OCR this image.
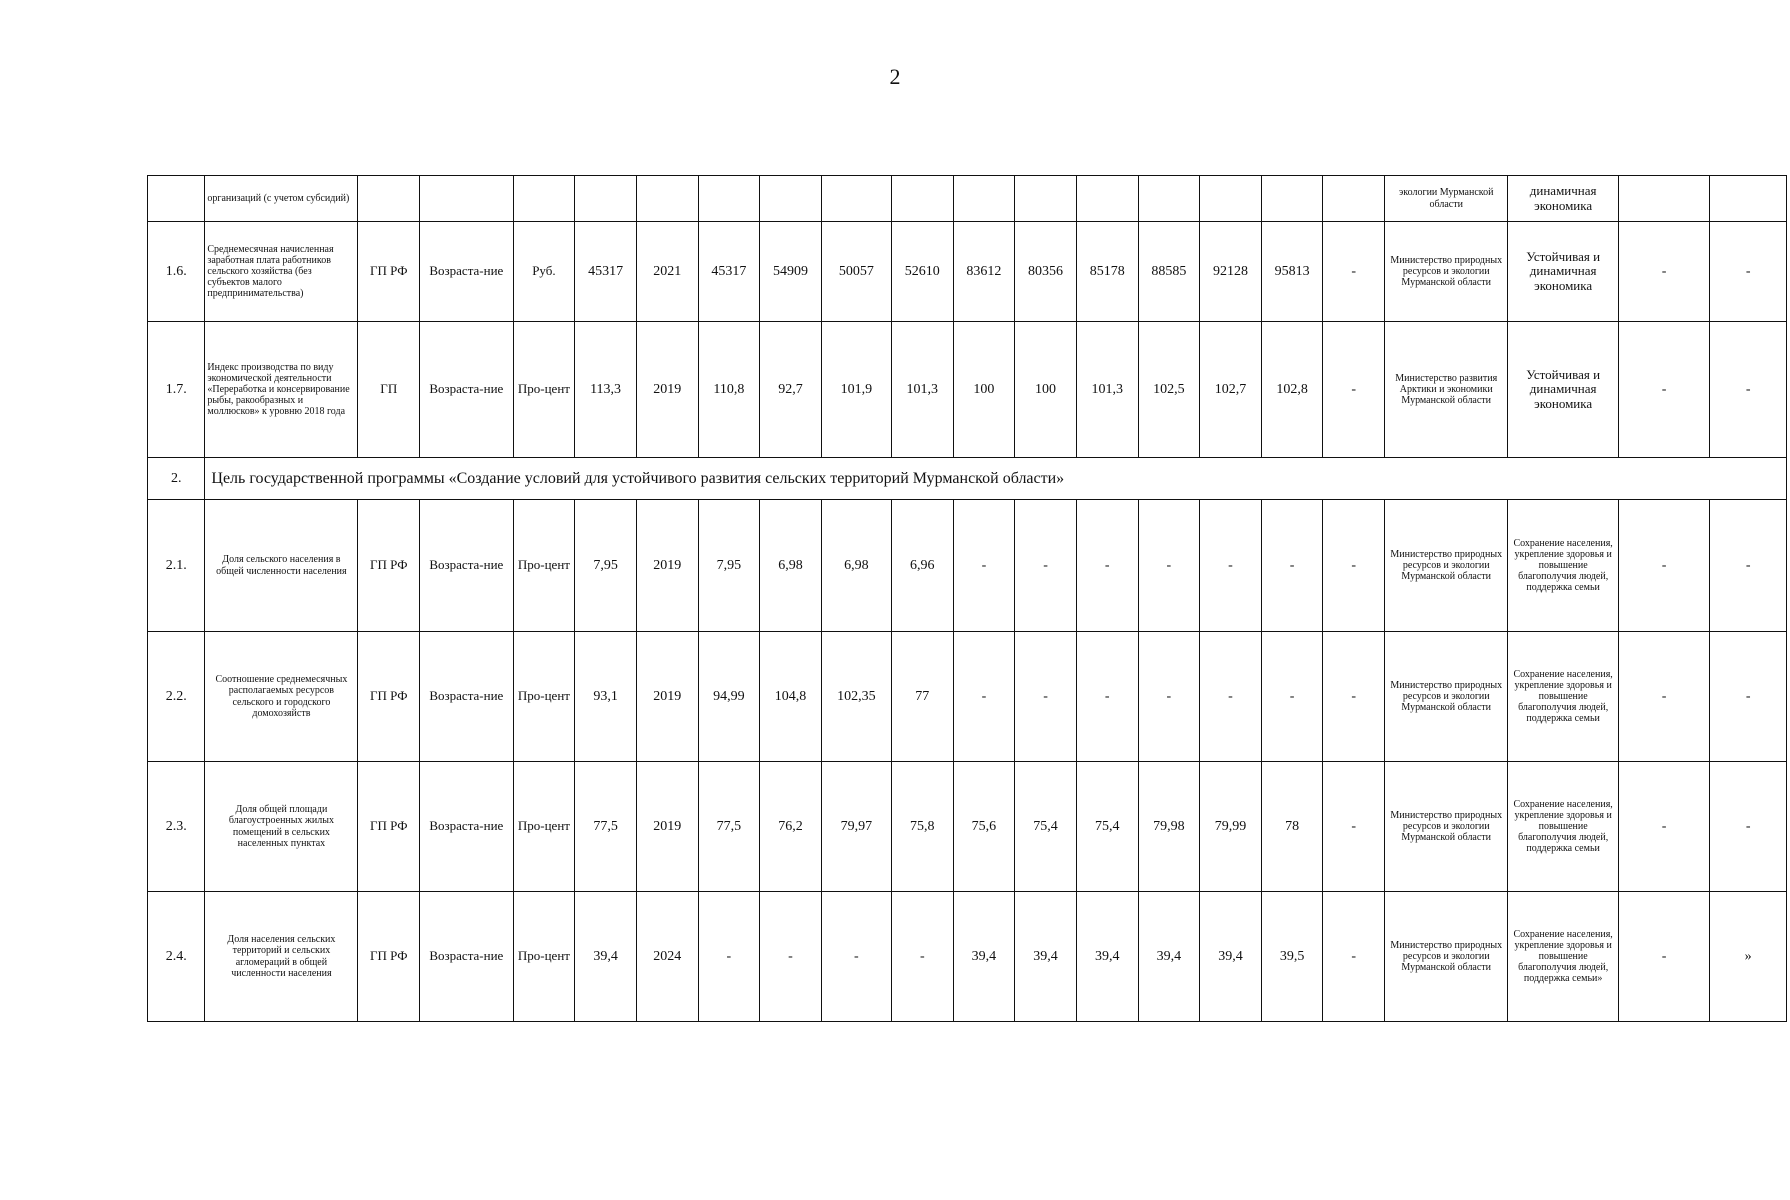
2
	организаций (с учетом субсидий)																	экологии Мурманской области	динамичная экономика		
1.6.	Среднемесячная начисленная заработная плата работников сельского хозяйства (без субъектов малого предпринимательства)	ГП РФ	Возраста-ние	Руб.	45317	2021	45317	54909	50057	52610	83612	80356	85178	88585	92128	95813	-	Министерство природных ресурсов и экологии Мурманской области	Устойчивая и динамичная экономика	-	-
1.7.	Индекс производства по виду экономической деятельности «Переработка и консервирование рыбы, ракообразных и моллюсков» к уровню 2018 года	ГП	Возраста-ние	Про-цент	113,3	2019	110,8	92,7	101,9	101,3	100	100	101,3	102,5	102,7	102,8	-	Министерство развития Арктики и экономики Мурманской области	Устойчивая и динамичная экономика	-	-
2.	Цель государственной программы «Создание условий для устойчивого развития сельских территорий Мурманской области»																				
2.1.	Доля сельского населения в общей численности населения	ГП РФ	Возраста-ние	Про-цент	7,95	2019	7,95	6,98	6,98	6,96	-	-	-	-	-	-	-	Министерство природных ресурсов и экологии Мурманской области	Сохранение населения, укрепление здоровья и повышение благополучия людей, поддержка семьи	-	-
2.2.	Соотношение среднемесячных располагаемых ресурсов сельского и городского домохозяйств	ГП РФ	Возраста-ние	Про-цент	93,1	2019	94,99	104,8	102,35	77	-	-	-	-	-	-	-	Министерство природных ресурсов и экологии Мурманской области	Сохранение населения, укрепление здоровья и повышение благополучия людей, поддержка семьи	-	-
2.3.	Доля общей площади благоустроенных жилых помещений в сельских населенных пунктах	ГП РФ	Возраста-ние	Про-цент	77,5	2019	77,5	76,2	79,97	75,8	75,6	75,4	75,4	79,98	79,99	78	-	Министерство природных ресурсов и экологии Мурманской области	Сохранение населения, укрепление здоровья и повышение благополучия людей, поддержка семьи	-	-
2.4.	Доля населения сельских территорий и сельских агломераций в общей численности населения	ГП РФ	Возраста-ние	Про-цент	39,4	2024	-	-	-	-	39,4	39,4	39,4	39,4	39,4	39,5	-	Министерство природных ресурсов и экологии Мурманской области	Сохранение населения, укрепление здоровья и повышение благополучия людей, поддержка семьи»	-	»
